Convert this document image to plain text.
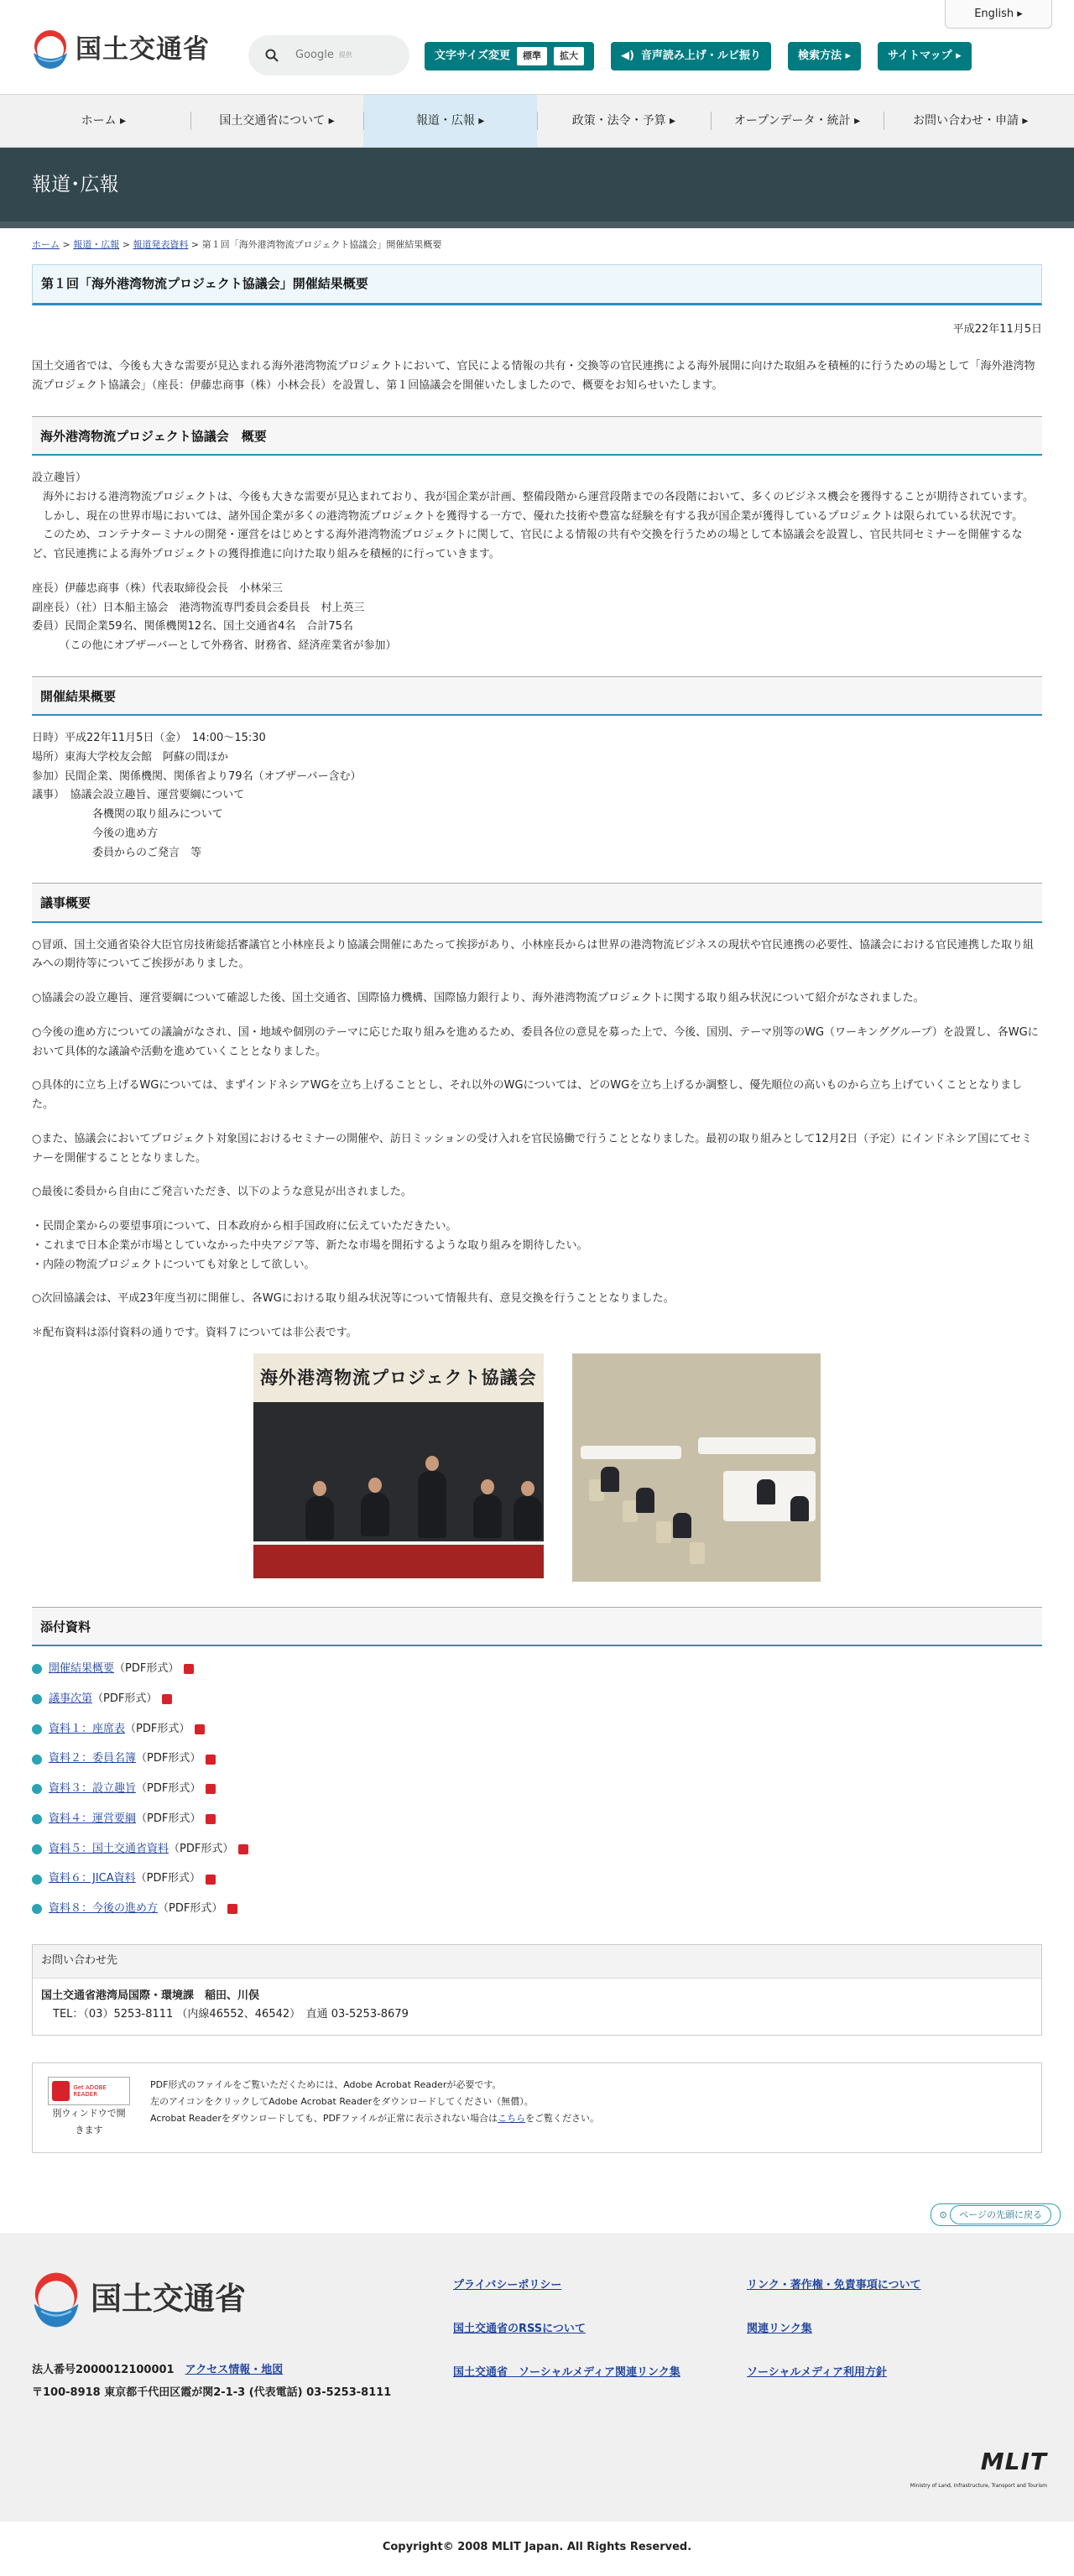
国土交通省
English ▸
Google 提供	文字サイズ変更	標準	拡大	◀) 音声読み上げ・ルビ振り	検索方法 ▸	サイトマップ ▸
ホーム ▸	国土交通省について ▸	報道・広報 ▸	政策・法令・予算 ▸	オープンデータ・統計 ▸	お問い合わせ・申請 ▸
報道･広報
ホーム > 報道・広報 > 報道発表資料 > 第１回「海外港湾物流プロジェクト協議会」開催結果概要
第１回「海外港湾物流プロジェクト協議会」開催結果概要
平成22年11月5日

国土交通省では、今後も大きな需要が見込まれる海外港湾物流プロジェクトにおいて、官民による情報の共有・交換等の官民連携による海外展開に向けた取組みを積極的に行うための場として「海外港湾物流プロジェクト協議会」（座長：伊藤忠商事（株）小林会長）を設置し、第１回協議会を開催いたしましたので、概要をお知らせいたします。

海外港湾物流プロジェクト協議会　概要

設立趣旨）

　海外における港湾物流プロジェクトは、今後も大きな需要が見込まれており、我が国企業が計画、整備段階から運営段階までの各段階において、多くのビジネス機会を獲得することが期待されています。

　しかし、現在の世界市場においては、諸外国企業が多くの港湾物流プロジェクトを獲得する一方で、優れた技術や豊富な経験を有する我が国企業が獲得しているプロジェクトは限られている状況です。

　このため、コンテナターミナルの開発・運営をはじめとする海外港湾物流プロジェクトに関して、官民による情報の共有や交換を行うための場として本協議会を設置し、官民共同セミナーを開催するなど、官民連携による海外プロジェクトの獲得推進に向けた取り組みを積極的に行っていきます。

座長）伊藤忠商事（株）代表取締役会長　小林栄三

副座長）（社）日本船主協会　港湾物流専門委員会委員長　村上英三

委員）民間企業59名、関係機関12名、国土交通省4名　合計75名

　　　（この他にオブザーバーとして外務省、財務省、経済産業省が参加）

開催結果概要

日時）平成22年11月5日（金）　14:00～15:30

場所）東海大学校友会館　阿蘇の間ほか

参加）民間企業、関係機関、関係省より79名（オブザーバー含む）

議事）　協議会設立趣旨、運営要綱について

各機関の取り組みについて

今後の進め方

委員からのご発言　等

議事概要

○冒頭、国土交通省染谷大臣官房技術総括審議官と小林座長より協議会開催にあたって挨拶があり、小林座長からは世界の港湾物流ビジネスの現状や官民連携の必要性、協議会における官民連携した取り組みへの期待等についてご挨拶がありました。

○協議会の設立趣旨、運営要綱について確認した後、国土交通省、国際協力機構、国際協力銀行より、海外港湾物流プロジェクトに関する取り組み状況について紹介がなされました。

○今後の進め方についての議論がなされ、国・地域や個別のテーマに応じた取り組みを進めるため、委員各位の意見を募った上で、今後、国別、テーマ別等のWG（ワーキンググループ）を設置し、各WGにおいて具体的な議論や活動を進めていくこととなりました。

○具体的に立ち上げるWGについては、まずインドネシアWGを立ち上げることとし、それ以外のWGについては、どのWGを立ち上げるか調整し、優先順位の高いものから立ち上げていくこととなりました。

○また、協議会においてプロジェクト対象国におけるセミナーの開催や、訪日ミッションの受け入れを官民協働で行うこととなりました。最初の取り組みとして12月2日（予定）にインドネシア国にてセミナーを開催することとなりました。

○最後に委員から自由にご発言いただき、以下のような意見が出されました。

・民間企業からの要望事項について、日本政府から相手国政府に伝えていただきたい。

・これまで日本企業が市場としていなかった中央アジア等、新たな市場を開拓するような取り組みを期待したい。

・内陸の物流プロジェクトについても対象として欲しい。

○次回協議会は、平成23年度当初に開催し、各WGにおける取り組み状況等について情報共有、意見交換を行うこととなりました。

＊配布資料は添付資料の通りです。資料７については非公表です。

海外港湾物流プロジェクト協議会
添付資料
開催結果概要 （PDF形式）
議事次第 （PDF形式）
資料１：座席表 （PDF形式）
資料２：委員名簿 （PDF形式）
資料３：設立趣旨 （PDF形式）
資料４：運営要綱 （PDF形式）
資料５：国土交通省資料 （PDF形式）
資料６：JICA資料 （PDF形式）
資料８：今後の進め方 （PDF形式）
お問い合わせ先

国土交通省港湾局国際・環境課　稲田、川俣

TEL：（03）5253-8111 （内線46552、46542）　直通 03-5253-8679

Get ADOBE READER
別ウィンドウで開きます

PDF形式のファイルをご覧いただくためには、Adobe Acrobat Readerが必要です。

左のアイコンをクリックしてAdobe Acrobat Readerをダウンロードしてください（無償）。

Acrobat Readerをダウンロードしても、PDFファイルが正常に表示されない場合はこちらをご覧ください。

⊙ ページの先頭に戻る
国土交通省
法人番号2000012100001　 アクセス情報・地図
〒100-8918 東京都千代田区霞が関2-1-3 (代表電話) 03-5253-8111
プライバシーポリシー	リンク・著作権・免責事項について
国土交通省のRSSについて	関連リンク集
国土交通省　ソーシャルメディア関連リンク集	ソーシャルメディア利用方針
MLIT
Ministry of Land, Infrastructure, Transport and Tourism
Copyright© 2008 MLIT Japan. All Rights Reserved.
